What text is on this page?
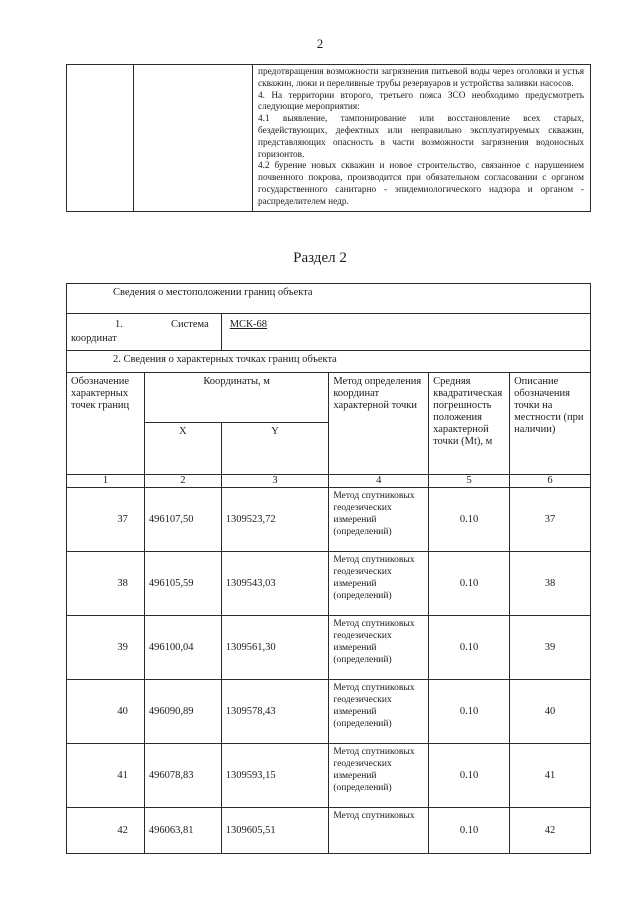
2

предотвращения возможности загрязнения питьевой воды через оголовки и устья скважин, люки и переливные трубы резервуаров и устройства заливки насосов.

4. На территории второго, третьего пояса ЗСО необходимо предусмотреть следующие мероприятия:

4.1 выявление, тампонирование или восстановление всех старых, бездействующих, дефектных или неправильно эксплуатируемых скважин, представляющих опасность в части возможности загрязнения водоносных горизонтов.

4.2 бурение новых скважин и новое строительство, связанное с нарушением почвенного покрова, производится при обязательном согласовании с органом государственного санитарно - эпидемиологического надзора и органом - распределителем недр.

Раздел 2
Сведения о местоположении границ объекта					

1. Система
координат		МСК-68			
2. Сведения о характерных точках границ объекта					
Обозначение характерных точек границ	Координаты, м		Метод определения координат характерной точки	Средняя квадратическая погрешность положения характерной точки (Mt), м	Описание обозначения точки на местности (при наличии)
	X	Y			
1	2	3	4	5	6
37	496107,50	1309523,72	Метод спутниковых геодезических измерений (определений)	0.10	37
38	496105,59	1309543,03	Метод спутниковых геодезических измерений (определений)	0.10	38
39	496100,04	1309561,30	Метод спутниковых геодезических измерений (определений)	0.10	39
40	496090,89	1309578,43	Метод спутниковых геодезических измерений (определений)	0.10	40
41	496078,83	1309593,15	Метод спутниковых геодезических измерений (определений)	0.10	41
42	496063,81	1309605,51	Метод спутниковых	0.10	42
